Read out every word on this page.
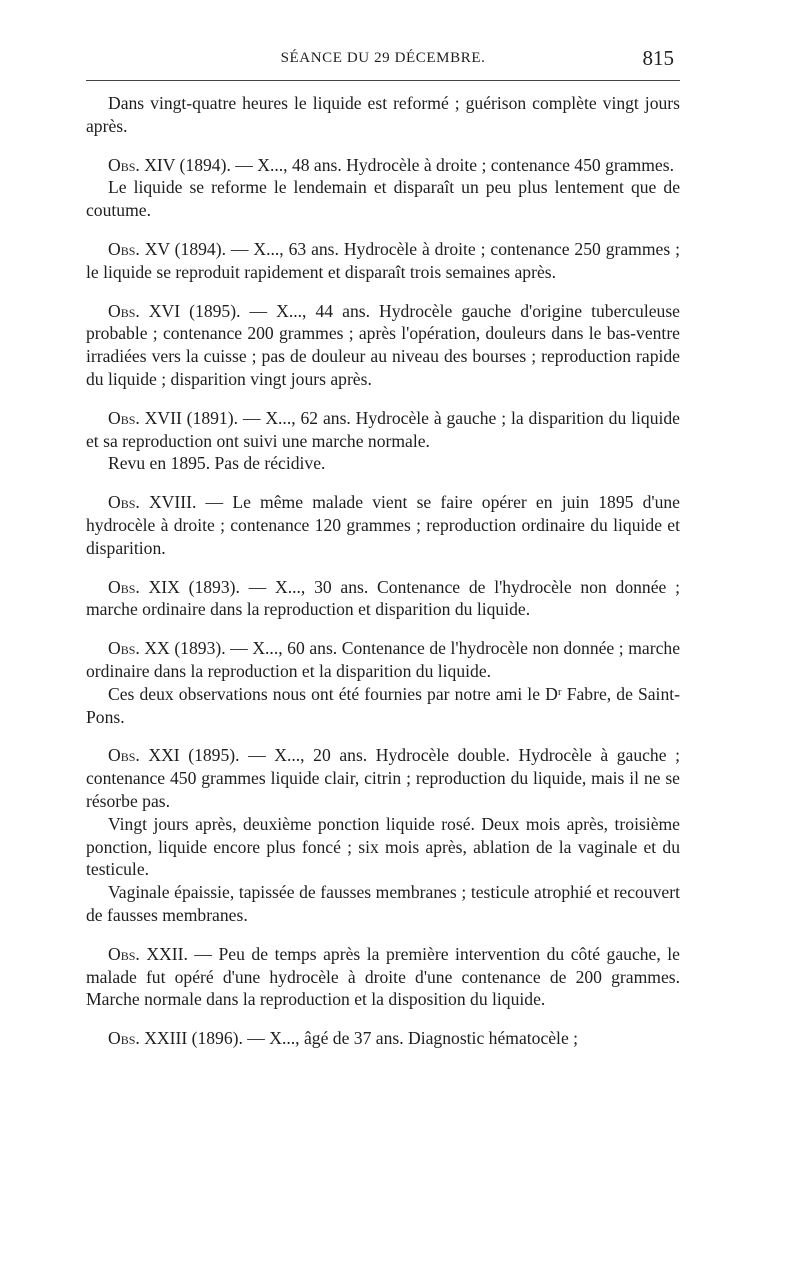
SÉANCE DU 29 DÉCEMBRE.	815

Dans vingt-quatre heures le liquide est reformé ; guérison complète vingt jours après.

Obs. XIV (1894). — X..., 48 ans. Hydrocèle à droite ; contenance 450 grammes.

Le liquide se reforme le lendemain et disparaît un peu plus lentement que de coutume.

Obs. XV (1894). — X..., 63 ans. Hydrocèle à droite ; contenance 250 grammes ; le liquide se reproduit rapidement et disparaît trois semaines après.

Obs. XVI (1895). — X..., 44 ans. Hydrocèle gauche d'origine tuberculeuse probable ; contenance 200 grammes ; après l'opération, douleurs dans le bas-ventre irradiées vers la cuisse ; pas de douleur au niveau des bourses ; reproduction rapide du liquide ; disparition vingt jours après.

Obs. XVII (1891). — X..., 62 ans. Hydrocèle à gauche ; la disparition du liquide et sa reproduction ont suivi une marche normale.

Revu en 1895. Pas de récidive.

Obs. XVIII. — Le même malade vient se faire opérer en juin 1895 d'une hydrocèle à droite ; contenance 120 grammes ; reproduction ordinaire du liquide et disparition.

Obs. XIX (1893). — X..., 30 ans. Contenance de l'hydrocèle non donnée ; marche ordinaire dans la reproduction et disparition du liquide.

Obs. XX (1893). — X..., 60 ans. Contenance de l'hydrocèle non donnée ; marche ordinaire dans la reproduction et la disparition du liquide.

Ces deux observations nous ont été fournies par notre ami le Dʳ Fabre, de Saint-Pons.

Obs. XXI (1895). — X..., 20 ans. Hydrocèle double. Hydrocèle à gauche ; contenance 450 grammes liquide clair, citrin ; reproduction du liquide, mais il ne se résorbe pas.

Vingt jours après, deuxième ponction liquide rosé. Deux mois après, troisième ponction, liquide encore plus foncé ; six mois après, ablation de la vaginale et du testicule.

Vaginale épaissie, tapissée de fausses membranes ; testicule atrophié et recouvert de fausses membranes.

Obs. XXII. — Peu de temps après la première intervention du côté gauche, le malade fut opéré d'une hydrocèle à droite d'une contenance de 200 grammes. Marche normale dans la reproduction et la disposition du liquide.

Obs. XXIII (1896). — X..., âgé de 37 ans. Diagnostic hématocèle ;
